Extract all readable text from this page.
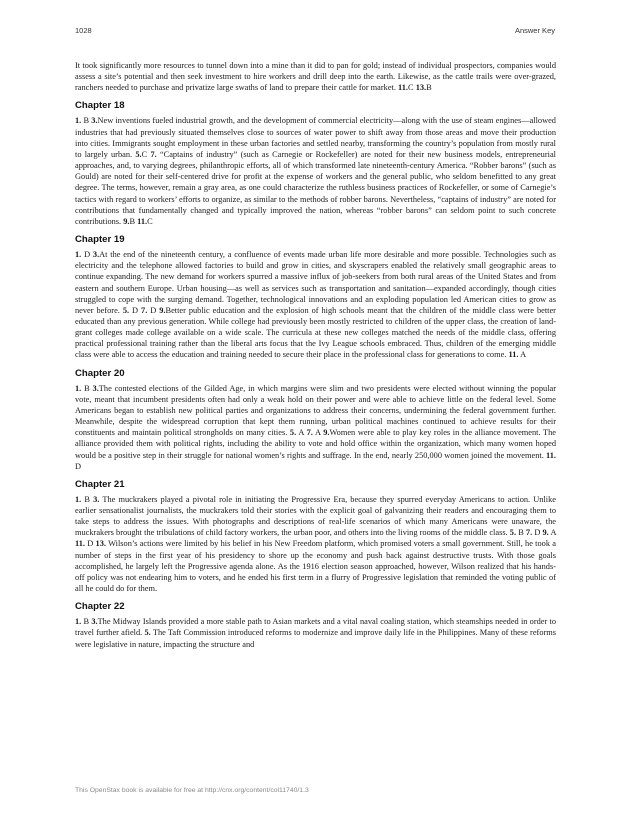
1028	Answer Key

It took significantly more resources to tunnel down into a mine than it did to pan for gold; instead of individual prospectors, companies would assess a site’s potential and then seek investment to hire workers and drill deep into the earth. Likewise, as the cattle trails were over-grazed, ranchers needed to purchase and privatize large swaths of land to prepare their cattle for market. 11.C 13.B

Chapter 18

1. B 3.New inventions fueled industrial growth, and the development of commercial electricity—along with the use of steam engines—allowed industries that had previously situated themselves close to sources of water power to shift away from those areas and move their production into cities. Immigrants sought employment in these urban factories and settled nearby, transforming the country’s population from mostly rural to largely urban. 5.C 7. “Captains of industry” (such as Carnegie or Rockefeller) are noted for their new business models, entrepreneurial approaches, and, to varying degrees, philanthropic efforts, all of which transformed late nineteenth-century America. “Robber barons” (such as Gould) are noted for their self-centered drive for profit at the expense of workers and the general public, who seldom benefitted to any great degree. The terms, however, remain a gray area, as one could characterize the ruthless business practices of Rockefeller, or some of Carnegie’s tactics with regard to workers’ efforts to organize, as similar to the methods of robber barons. Nevertheless, “captains of industry” are noted for contributions that fundamentally changed and typically improved the nation, whereas “robber barons” can seldom point to such concrete contributions. 9.B 11.C

Chapter 19

1. D 3.At the end of the nineteenth century, a confluence of events made urban life more desirable and more possible. Technologies such as electricity and the telephone allowed factories to build and grow in cities, and skyscrapers enabled the relatively small geographic areas to continue expanding. The new demand for workers spurred a massive influx of job-seekers from both rural areas of the United States and from eastern and southern Europe. Urban housing—as well as services such as transportation and sanitation—expanded accordingly, though cities struggled to cope with the surging demand. Together, technological innovations and an exploding population led American cities to grow as never before. 5. D 7. D 9.Better public education and the explosion of high schools meant that the children of the middle class were better educated than any previous generation. While college had previously been mostly restricted to children of the upper class, the creation of land-grant colleges made college available on a wide scale. The curricula at these new colleges matched the needs of the middle class, offering practical professional training rather than the liberal arts focus that the Ivy League schools embraced. Thus, children of the emerging middle class were able to access the education and training needed to secure their place in the professional class for generations to come. 11. A

Chapter 20

1. B 3.The contested elections of the Gilded Age, in which margins were slim and two presidents were elected without winning the popular vote, meant that incumbent presidents often had only a weak hold on their power and were able to achieve little on the federal level. Some Americans began to establish new political parties and organizations to address their concerns, undermining the federal government further. Meanwhile, despite the widespread corruption that kept them running, urban political machines continued to achieve results for their constituents and maintain political strongholds on many cities. 5. A 7. A 9.Women were able to play key roles in the alliance movement. The alliance provided them with political rights, including the ability to vote and hold office within the organization, which many women hoped would be a positive step in their struggle for national women’s rights and suffrage. In the end, nearly 250,000 women joined the movement. 11. D

Chapter 21

1. B 3. The muckrakers played a pivotal role in initiating the Progressive Era, because they spurred everyday Americans to action. Unlike earlier sensationalist journalists, the muckrakers told their stories with the explicit goal of galvanizing their readers and encouraging them to take steps to address the issues. With photographs and descriptions of real-life scenarios of which many Americans were unaware, the muckrakers brought the tribulations of child factory workers, the urban poor, and others into the living rooms of the middle class. 5. B 7. D 9. A 11. D 13. Wilson’s actions were limited by his belief in his New Freedom platform, which promised voters a small government. Still, he took a number of steps in the first year of his presidency to shore up the economy and push back against destructive trusts. With those goals accomplished, he largely left the Progressive agenda alone. As the 1916 election season approached, however, Wilson realized that his hands-off policy was not endearing him to voters, and he ended his first term in a flurry of Progressive legislation that reminded the voting public of all he could do for them.

Chapter 22

1. B 3.The Midway Islands provided a more stable path to Asian markets and a vital naval coaling station, which steamships needed in order to travel further afield. 5. The Taft Commission introduced reforms to modernize and improve daily life in the Philippines. Many of these reforms were legislative in nature, impacting the structure and

This OpenStax book is available for free at http://cnx.org/content/col11740/1.3
